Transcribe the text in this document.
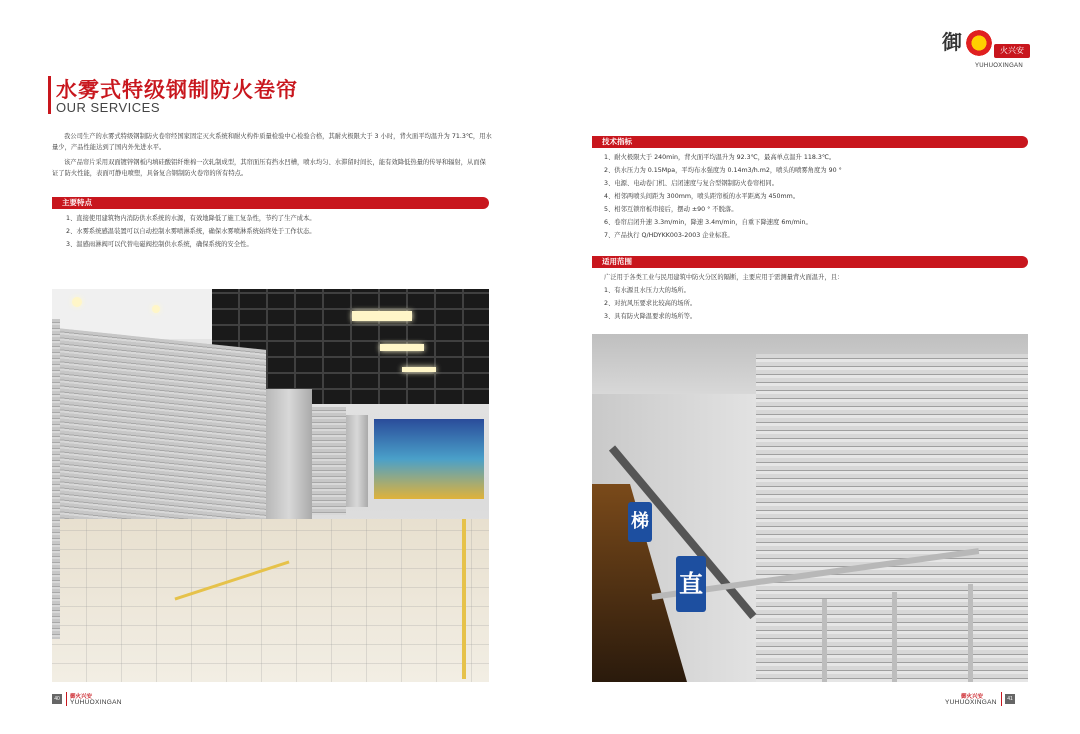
水雾式特级钢制防火卷帘
OUR SERVICES

我公司生产的水雾式特级钢制防火卷帘经国家固定灭火系统和耐火构件质量检验中心检验合格，其耐火极限大于 3 小时，背火面平均温升为 71.3℃，用水量少，产品性能达到了国内外先进水平。

该产品帘片采用双面镀锌钢板内填硅酸铝纤维棉一次轧制成型，其帘面压有挡水凹槽，喷水均匀、水滞留时间长，能有效降低热量的传导和辐射，从而保证了防火性能，表面可静电喷塑，具备复合钢制防火卷帘的所有特点。

主要特点
1、直接使用建筑物内消防供水系统的水源，有效地降低了施工复杂性，节约了生产成本。
2、水雾系统感温装置可以自动控制水雾喷淋系统，确保水雾喷淋系统始终处于工作状态。
3、温感雨淋阀可以代替电磁阀控制供水系统，确保系统的安全性。
40	御火兴安
YUHUOXINGAN
技术指标
1、耐火极限大于 240min，背火面平均温升为 92.3℃，最高单点温升 118.3℃。
2、供水压力为 0.15Mpa，平均布水强度为 0.14m3/h.m2，喷头的喷雾角度为 90 °
3、电源、电动卷门机、启闭速度与复合型钢制防火卷帘相同。
4、相邻两喷头间距为 300mm，喷头距帘板的水平距离为 450mm。
5、相邻互锁帘板串接后，摆动 ±90 ° 不脱落。
6、卷帘启闭升速 3.3m/min，降速 3.4m/min，自重下降速度 6m/min。
7、产品执行 Q/HDYKK003-2003 企业标准。
适用范围
广泛用于各类工业与民用建筑中防火分区的隔断，主要应用于需测量背火面温升，且：
1、有水源且水压力大的场所。
2、对抗风压要求比较高的场所。
3、具有防火降温要求的场所等。
御火兴安
YUHUOXINGAN	41
梯
直
御	火兴安
YUHUOXINGAN
